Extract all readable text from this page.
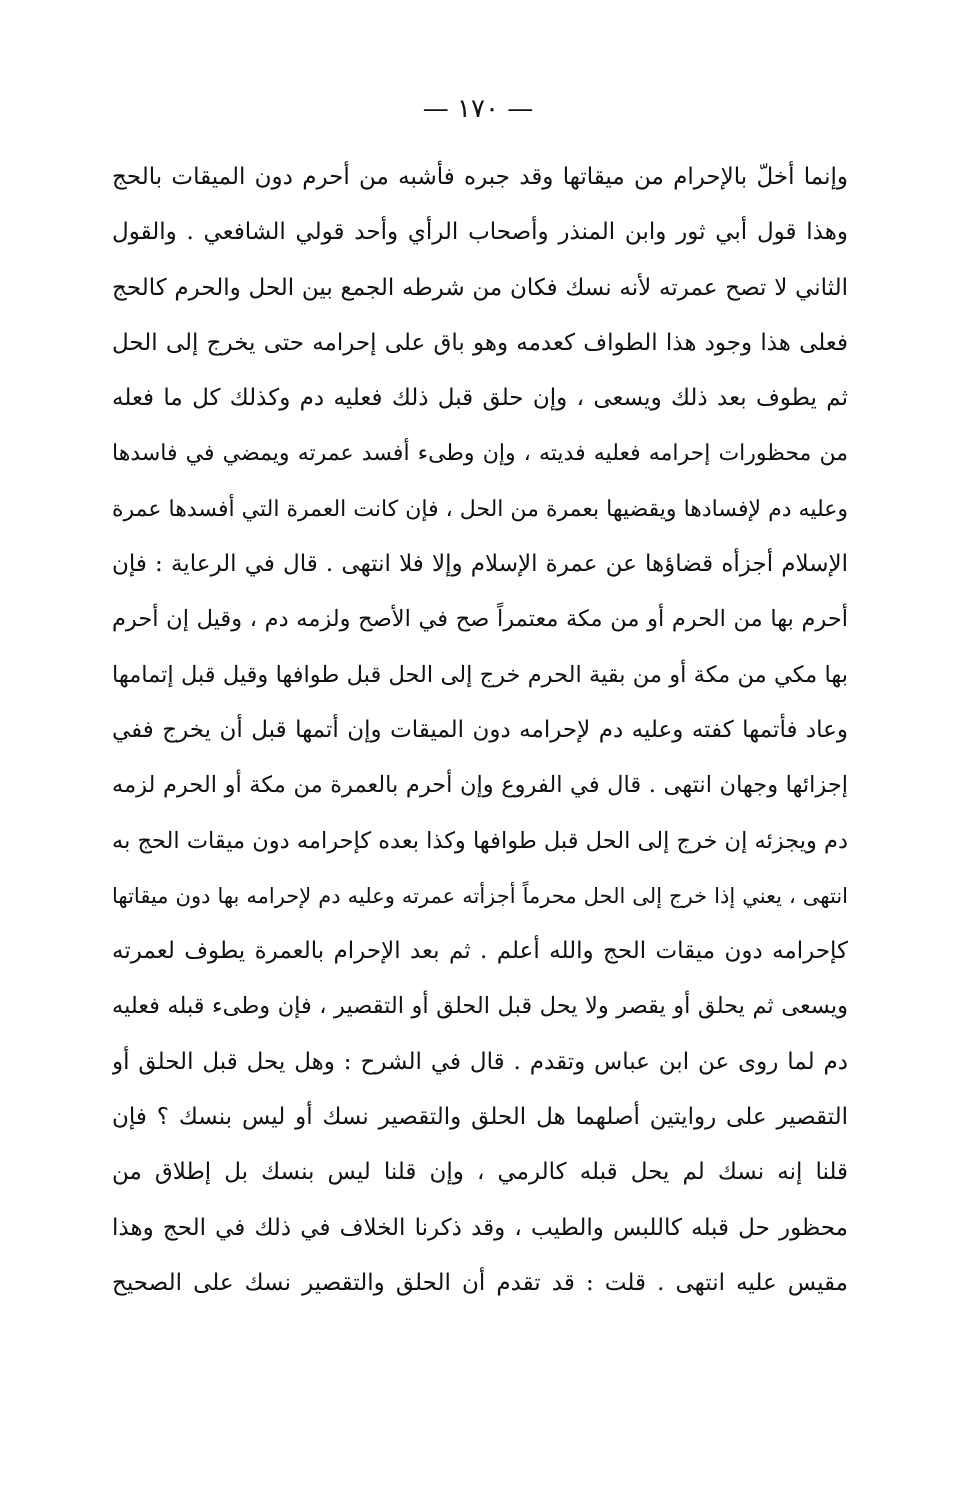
— ١٧٠ —
وإنما أخلّ بالإحرام من ميقاتها وقد جبره فأشبه من أحرم دون الميقات بالحج
وهذا قول أبي ثور وابن المنذر وأصحاب الرأي وأحد قولي الشافعي . والقول
الثاني لا تصح عمرته لأنه نسك فكان من شرطه الجمع بين الحل والحرم كالحج
فعلى هذا وجود هذا الطواف كعدمه وهو باق على إحرامه حتى يخرج إلى الحل
ثم يطوف بعد ذلك ويسعى ، وإن حلق قبل ذلك فعليه دم وكذلك كل ما فعله
من محظورات إحرامه فعليه فديته ، وإن وطىء أفسد عمرته ويمضي في فاسدها
وعليه دم لإفسادها ويقضيها بعمرة من الحل ، فإن كانت العمرة التي أفسدها عمرة
الإسلام أجزأه قضاؤها عن عمرة الإسلام وإلا فلا انتهى . قال في الرعاية : فإن
أحرم بها من الحرم أو من مكة معتمراً صح في الأصح ولزمه دم ، وقيل إن أحرم
بها مكي من مكة أو من بقية الحرم خرج إلى الحل قبل طوافها وقيل قبل إتمامها
وعاد فأتمها كفته وعليه دم لإحرامه دون الميقات وإن أتمها قبل أن يخرج ففي
إجزائها وجهان انتهى . قال في الفروع وإن أحرم بالعمرة من مكة أو الحرم لزمه
دم ويجزئه إن خرج إلى الحل قبل طوافها وكذا بعده كإحرامه دون ميقات الحج به
انتهى ، يعني إذا خرج إلى الحل محرماً أجزأته عمرته وعليه دم لإحرامه بها دون ميقاتها
كإحرامه دون ميقات الحج والله أعلم . ثم بعد الإحرام بالعمرة يطوف لعمرته
ويسعى ثم يحلق أو يقصر ولا يحل قبل الحلق أو التقصير ، فإن وطىء قبله فعليه
دم لما روى عن ابن عباس وتقدم . قال في الشرح : وهل يحل قبل الحلق أو
التقصير على روايتين أصلهما هل الحلق والتقصير نسك أو ليس بنسك ؟ فإن
قلنا إنه نسك لم يحل قبله كالرمي ، وإن قلنا ليس بنسك بل إطلاق من
محظور حل قبله كاللبس والطيب ، وقد ذكرنا الخلاف في ذلك في الحج وهذا
مقيس عليه انتهى . قلت : قد تقدم أن الحلق والتقصير نسك على الصحيح
